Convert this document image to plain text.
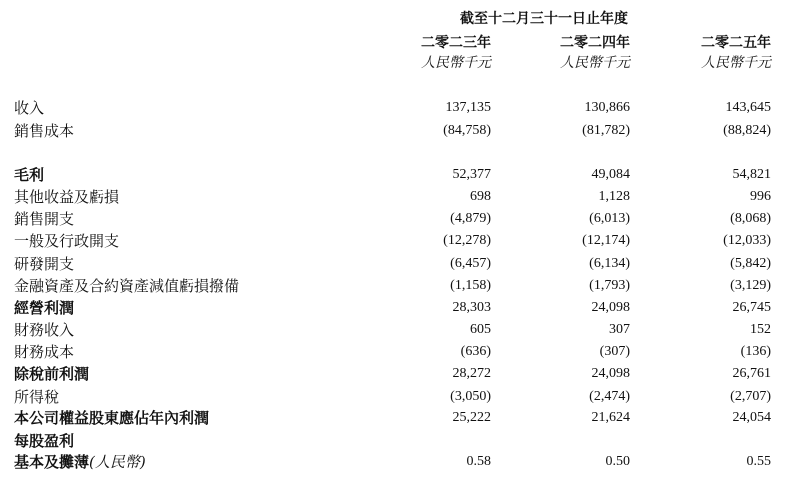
截至十二月三十一日止年度
二零二三年	二零二四年	二零二五年
人民幣千元	人民幣千元	人民幣千元
收入	137,135	130,866	143,645
銷售成本	(84,758)	(81,782)	(88,824)
毛利	52,377	49,084	54,821
其他收益及虧損	698	1,128	996
銷售開支	(4,879)	(6,013)	(8,068)
一般及行政開支	(12,278)	(12,174)	(12,033)
研發開支	(6,457)	(6,134)	(5,842)
金融資產及合約資產減值虧損撥備	(1,158)	(1,793)	(3,129)
經營利潤	28,303	24,098	26,745
財務收入	605	307	152
財務成本	(636)	(307)	(136)
除稅前利潤	28,272	24,098	26,761
所得稅	(3,050)	(2,474)	(2,707)
本公司權益股東應佔年內利潤	25,222	21,624	24,054
每股盈利
基本及攤薄(人民幣)	0.58	0.50	0.55
